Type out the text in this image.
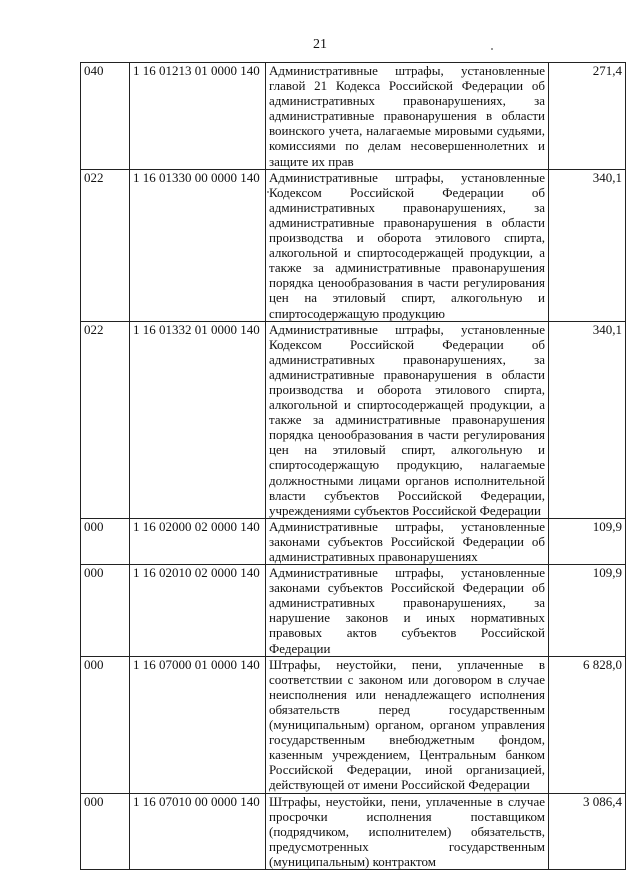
21
040	1 16 01213 01 0000 140	Административные штрафы, установленные главой 21 Кодекса Российской Федерации об административных правонарушениях, за административные правонарушения в области воинского учета, налагаемые мировыми судьями, комиссиями по делам несовершеннолетних и защите их прав	271,4
022	1 16 01330 00 0000 140	Административные штрафы, установленные Кодексом Российской Федерации об административных правонарушениях, за административные правонарушения в области производства и оборота этилового спирта, алкогольной и спиртосодержащей продукции, а также за административные правонарушения порядка ценообразования в части регулирования цен на этиловый спирт, алкогольную и спиртосодержащую продукцию	340,1
022	1 16 01332 01 0000 140	Административные штрафы, установленные Кодексом Российской Федерации об административных правонарушениях, за административные правонарушения в области производства и оборота этилового спирта, алкогольной и спиртосодержащей продукции, а также за административные правонарушения порядка ценообразования в части регулирования цен на этиловый спирт, алкогольную и спиртосодержащую продукцию, налагаемые должностными лицами органов исполнительной власти субъектов Российской Федерации, учреждениями субъектов Российской Федерации	340,1
000	1 16 02000 02 0000 140	Административные штрафы, установленные законами субъектов Российской Федерации об административных правонарушениях	109,9
000	1 16 02010 02 0000 140	Административные штрафы, установленные законами субъектов Российской Федерации об административных правонарушениях, за нарушение законов и иных нормативных правовых актов субъектов Российской Федерации	109,9
000	1 16 07000 01 0000 140	Штрафы, неустойки, пени, уплаченные в соответствии с законом или договором в случае неисполнения или ненадлежащего исполнения обязательств перед государственным (муниципальным) органом, органом управления государственным внебюджетным фондом, казенным учреждением, Центральным банком Российской Федерации, иной организацией, действующей от имени Российской Федерации	6 828,0
000	1 16 07010 00 0000 140	Штрафы, неустойки, пени, уплаченные в случае просрочки исполнения поставщиком (подрядчиком, исполнителем) обязательств, предусмотренных государственным (муниципальным) контрактом	3 086,4
